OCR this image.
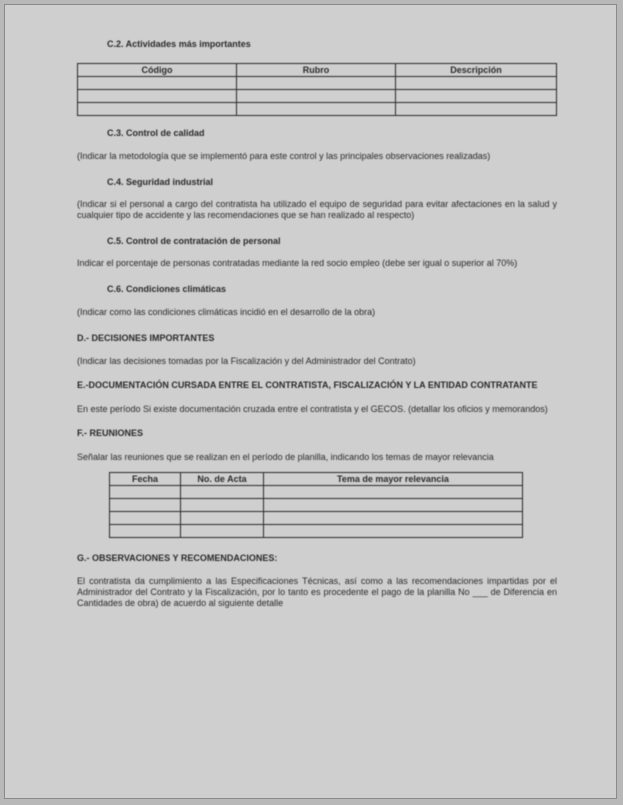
C.2. Actividades más importantes
Código	Rubro	Descripción

C.3. Control de calidad
(Indicar la metodología que se implementó para este control y las principales observaciones realizadas)
C.4. Seguridad industrial
(Indicar si el personal a cargo del contratista ha utilizado el equipo de seguridad para evitar afectaciones en la salud y cualquier tipo de accidente y las recomendaciones que se han realizado al respecto)
C.5. Control de contratación de personal
Indicar el porcentaje de personas contratadas mediante la red socio empleo (debe ser igual o superior al 70%)
C.6. Condiciones climáticas
(Indicar como las condiciones climáticas incidió en el desarrollo de la obra)
D.- DECISIONES IMPORTANTES
(Indicar las decisiones tomadas por la Fiscalización y del Administrador del Contrato)
E.-DOCUMENTACIÓN CURSADA ENTRE EL CONTRATISTA, FISCALIZACIÓN Y LA ENTIDAD CONTRATANTE
En este período Si existe documentación cruzada entre el contratista y el GECOS. (detallar los oficios y memorandos)
F.- REUNIONES
Señalar las reuniones que se realizan en el período de planilla, indicando los temas de mayor relevancia
Fecha	No. de Acta	Tema de mayor relevancia

G.- OBSERVACIONES Y RECOMENDACIONES:
El contratista da cumplimiento a las Especificaciones Técnicas, así como a las recomendaciones impartidas por el Administrador del Contrato y la Fiscalización, por lo tanto es procedente el pago de la planilla No ___ de Diferencia en Cantidades de obra) de acuerdo al siguiente detalle
